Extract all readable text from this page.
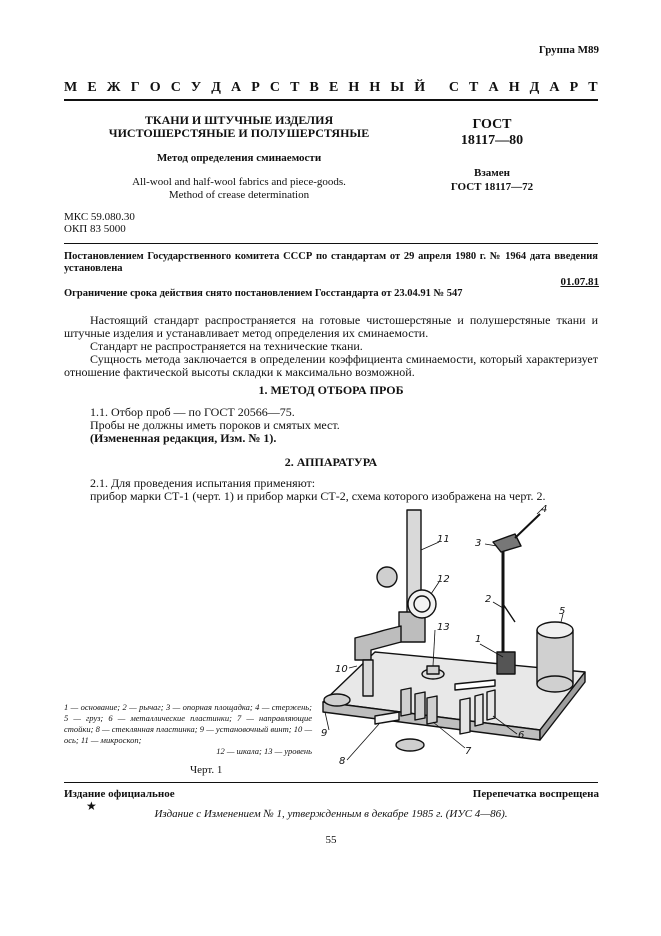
Группа М89
М Е Ж Г О С У Д А Р С Т В Е Н Н Ы Й
С Т А Н Д А Р Т
ТКАНИ И ШТУЧНЫЕ ИЗДЕЛИЯ
ЧИСТОШЕРСТЯНЫЕ И ПОЛУШЕРСТЯНЫЕ
Метод определения сминаемости
All-wool and half-wool fabrics and piece-goods.
Method of crease determination
ГОСТ
18117—80
Взамен
ГОСТ 18117—72
МКС 59.080.30
ОКП 83 5000
Постановлением Государственного комитета СССР по стандартам от 29 апреля 1980 г. № 1964 дата введения установлена
01.07.81
Ограничение срока действия снято постановлением Госстандарта от 23.04.91 № 547
Настоящий стандарт распространяется на готовые чистошерстяные и полушерстяные ткани и штучные изделия и устанавливает метод определения их сминаемости.
Стандарт не распространяется на технические ткани.
Сущность метода заключается в определении коэффициента сминаемости, который характеризует отношение фактической высоты складки к максимально возможной.
1. МЕТОД ОТБОРА ПРОБ
1.1. Отбор проб — по ГОСТ 20566—75.
Пробы не должны иметь пороков и смятых мест.
(Измененная редакция, Изм. № 1).
2. АППАРАТУРА
2.1. Для проведения испытания применяют:
прибор марки СТ-1 (черт. 1) и прибор марки СТ-2, схема которого изображена на черт. 2.
1
2
3
4
5
6
7
8
9
10
11
12
13
1 — основание; 2 — рычаг; 3 — опорная площадка; 4 — стержень; 5 — груз; 6 — металлические пластинки; 7 — направляющие стойки; 8 — стеклянная пластинка; 9 — установочный винт; 10 — ось; 11 — микроскоп;
12 — шкала; 13 — уровень
Черт. 1
Издание официальное
★
Перепечатка воспрещена
Издание с Изменением № 1, утвержденным в декабре 1985 г. (ИУС 4—86).
55
